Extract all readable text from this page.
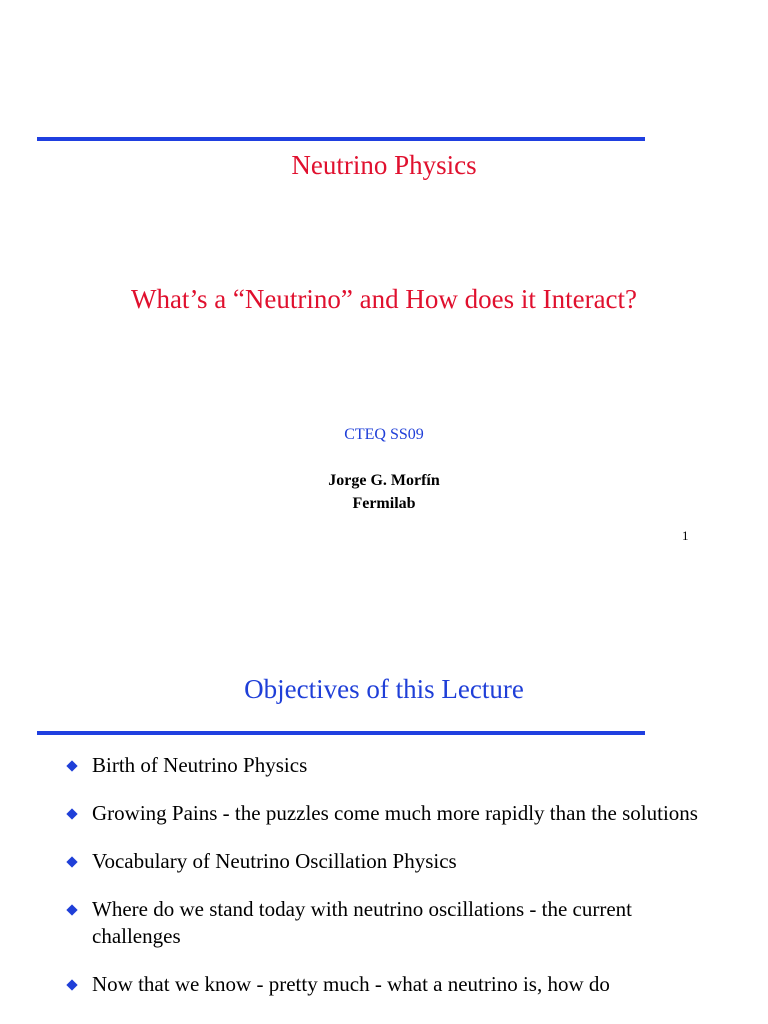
Neutrino Physics
What’s a “Neutrino” and How does it Interact?
CTEQ SS09
Jorge G. Morfín
Fermilab
1
Objectives of this Lecture
Birth of Neutrino Physics
Growing Pains - the puzzles come much more rapidly than the solutions
Vocabulary of Neutrino Oscillation Physics
Where do we stand today with neutrino oscillations - the current challenges
Now that we know - pretty much - what a neutrino is, how do
